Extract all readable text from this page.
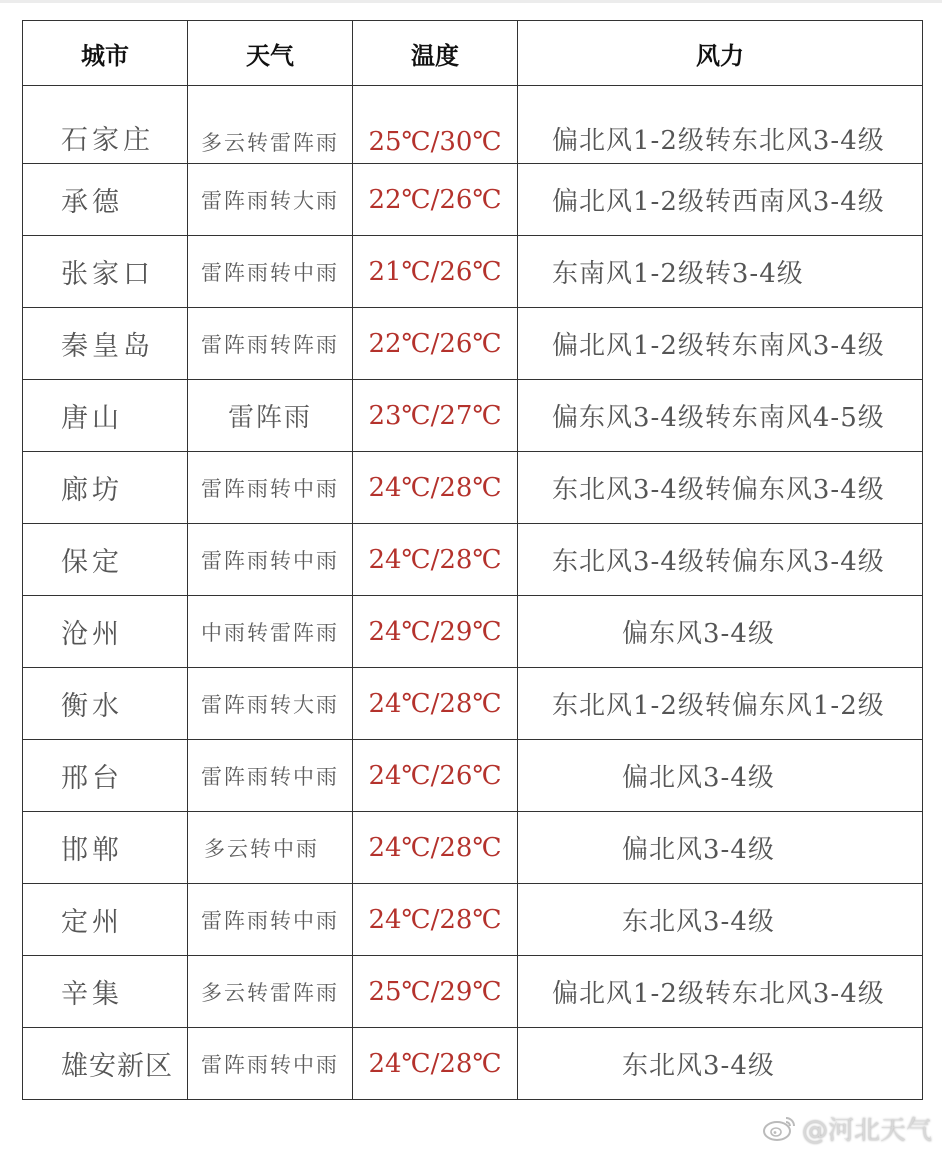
城市	天气	温度	风力
石家庄	多云转雷阵雨	25℃/30℃	偏北风1-2级转东北风3-4级
承德	雷阵雨转大雨	22℃/26℃	偏北风1-2级转西南风3-4级
张家口	雷阵雨转中雨	21℃/26℃	东南风1-2级转3-4级
秦皇岛	雷阵雨转阵雨	22℃/26℃	偏北风1-2级转东南风3-4级
唐山	雷阵雨	23℃/27℃	偏东风3-4级转东南风4-5级
廊坊	雷阵雨转中雨	24℃/28℃	东北风3-4级转偏东风3-4级
保定	雷阵雨转中雨	24℃/28℃	东北风3-4级转偏东风3-4级
沧州	中雨转雷阵雨	24℃/29℃	偏东风3-4级
衡水	雷阵雨转大雨	24℃/28℃	东北风1-2级转偏东风1-2级
邢台	雷阵雨转中雨	24℃/26℃	偏北风3-4级
邯郸	多云转中雨	24℃/28℃	偏北风3-4级
定州	雷阵雨转中雨	24℃/28℃	东北风3-4级
辛集	多云转雷阵雨	25℃/29℃	偏北风1-2级转东北风3-4级
雄安新区	雷阵雨转中雨	24℃/28℃	东北风3-4级
@河北天气
